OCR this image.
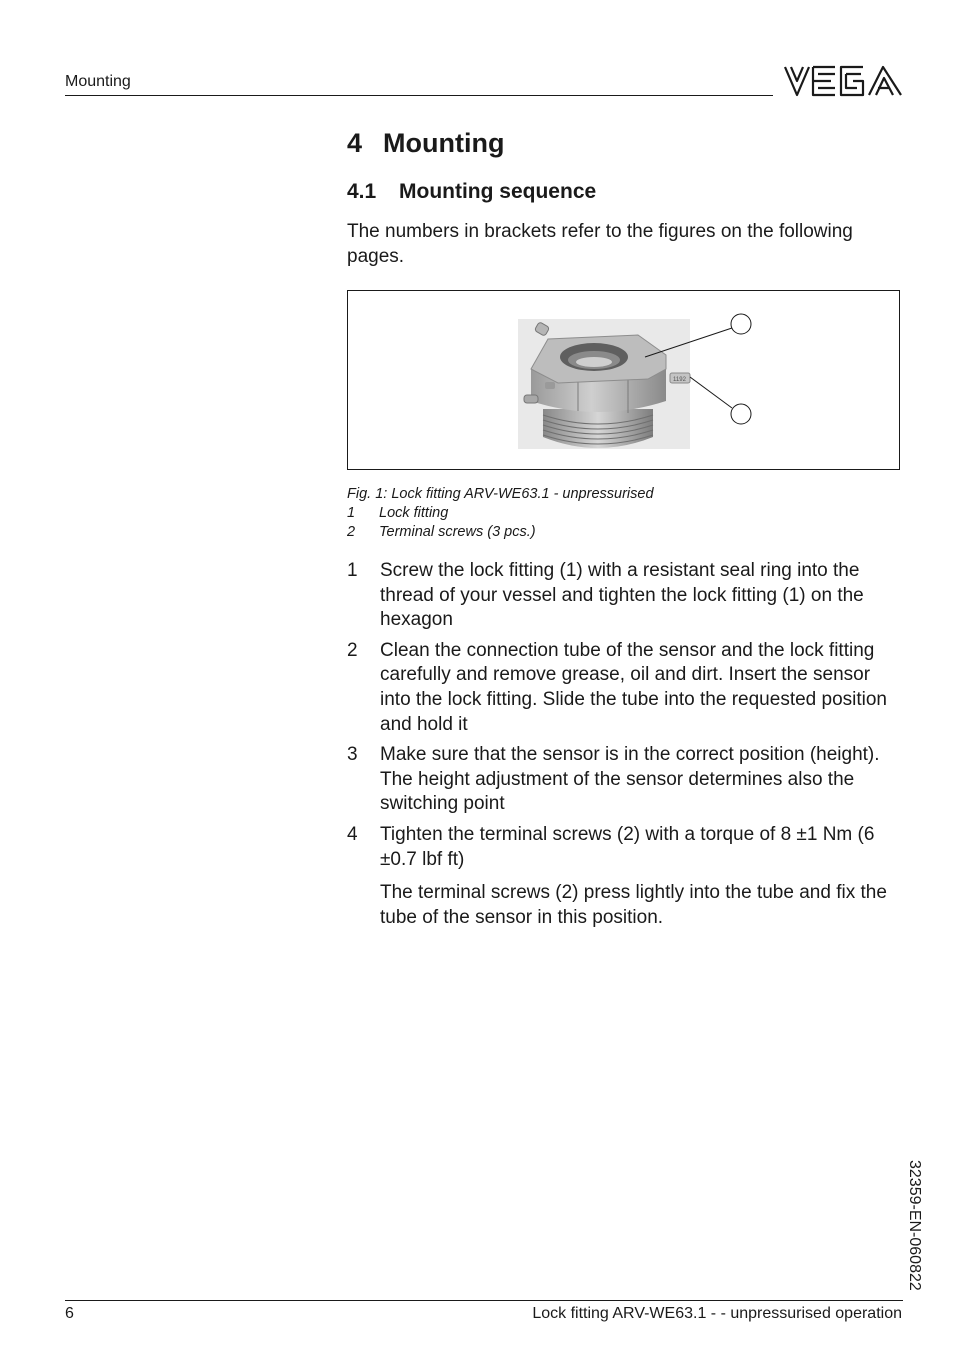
Mounting
4 Mounting
4.1 Mounting sequence
The numbers in brackets refer to the figures on the following pages.
1192
Fig. 1: Lock fitting ARV-WE63.1 - unpressurised
1	Lock fitting
2	Terminal screws (3 pcs.)
1	Screw the lock fitting (1) with a resistant seal ring into the thread of your vessel and tighten the lock fitting (1) on the hexagon
2	Clean the connection tube of the sensor and the lock fitting carefully and remove grease, oil and dirt. Insert the sensor into the lock fitting. Slide the tube into the requested position and hold it
3	Make sure that the sensor is in the correct position (height). The height adjustment of the sensor determines also the switching point
4	Tighten the terminal screws (2) with a torque of 8 ±1 Nm (6 ±0.7 lbf ft)
The terminal screws (2) press lightly into the tube and fix the tube of the sensor in this position.
32359-EN-060822
6	Lock fitting ARV-WE63.1 - - unpressurised operation
